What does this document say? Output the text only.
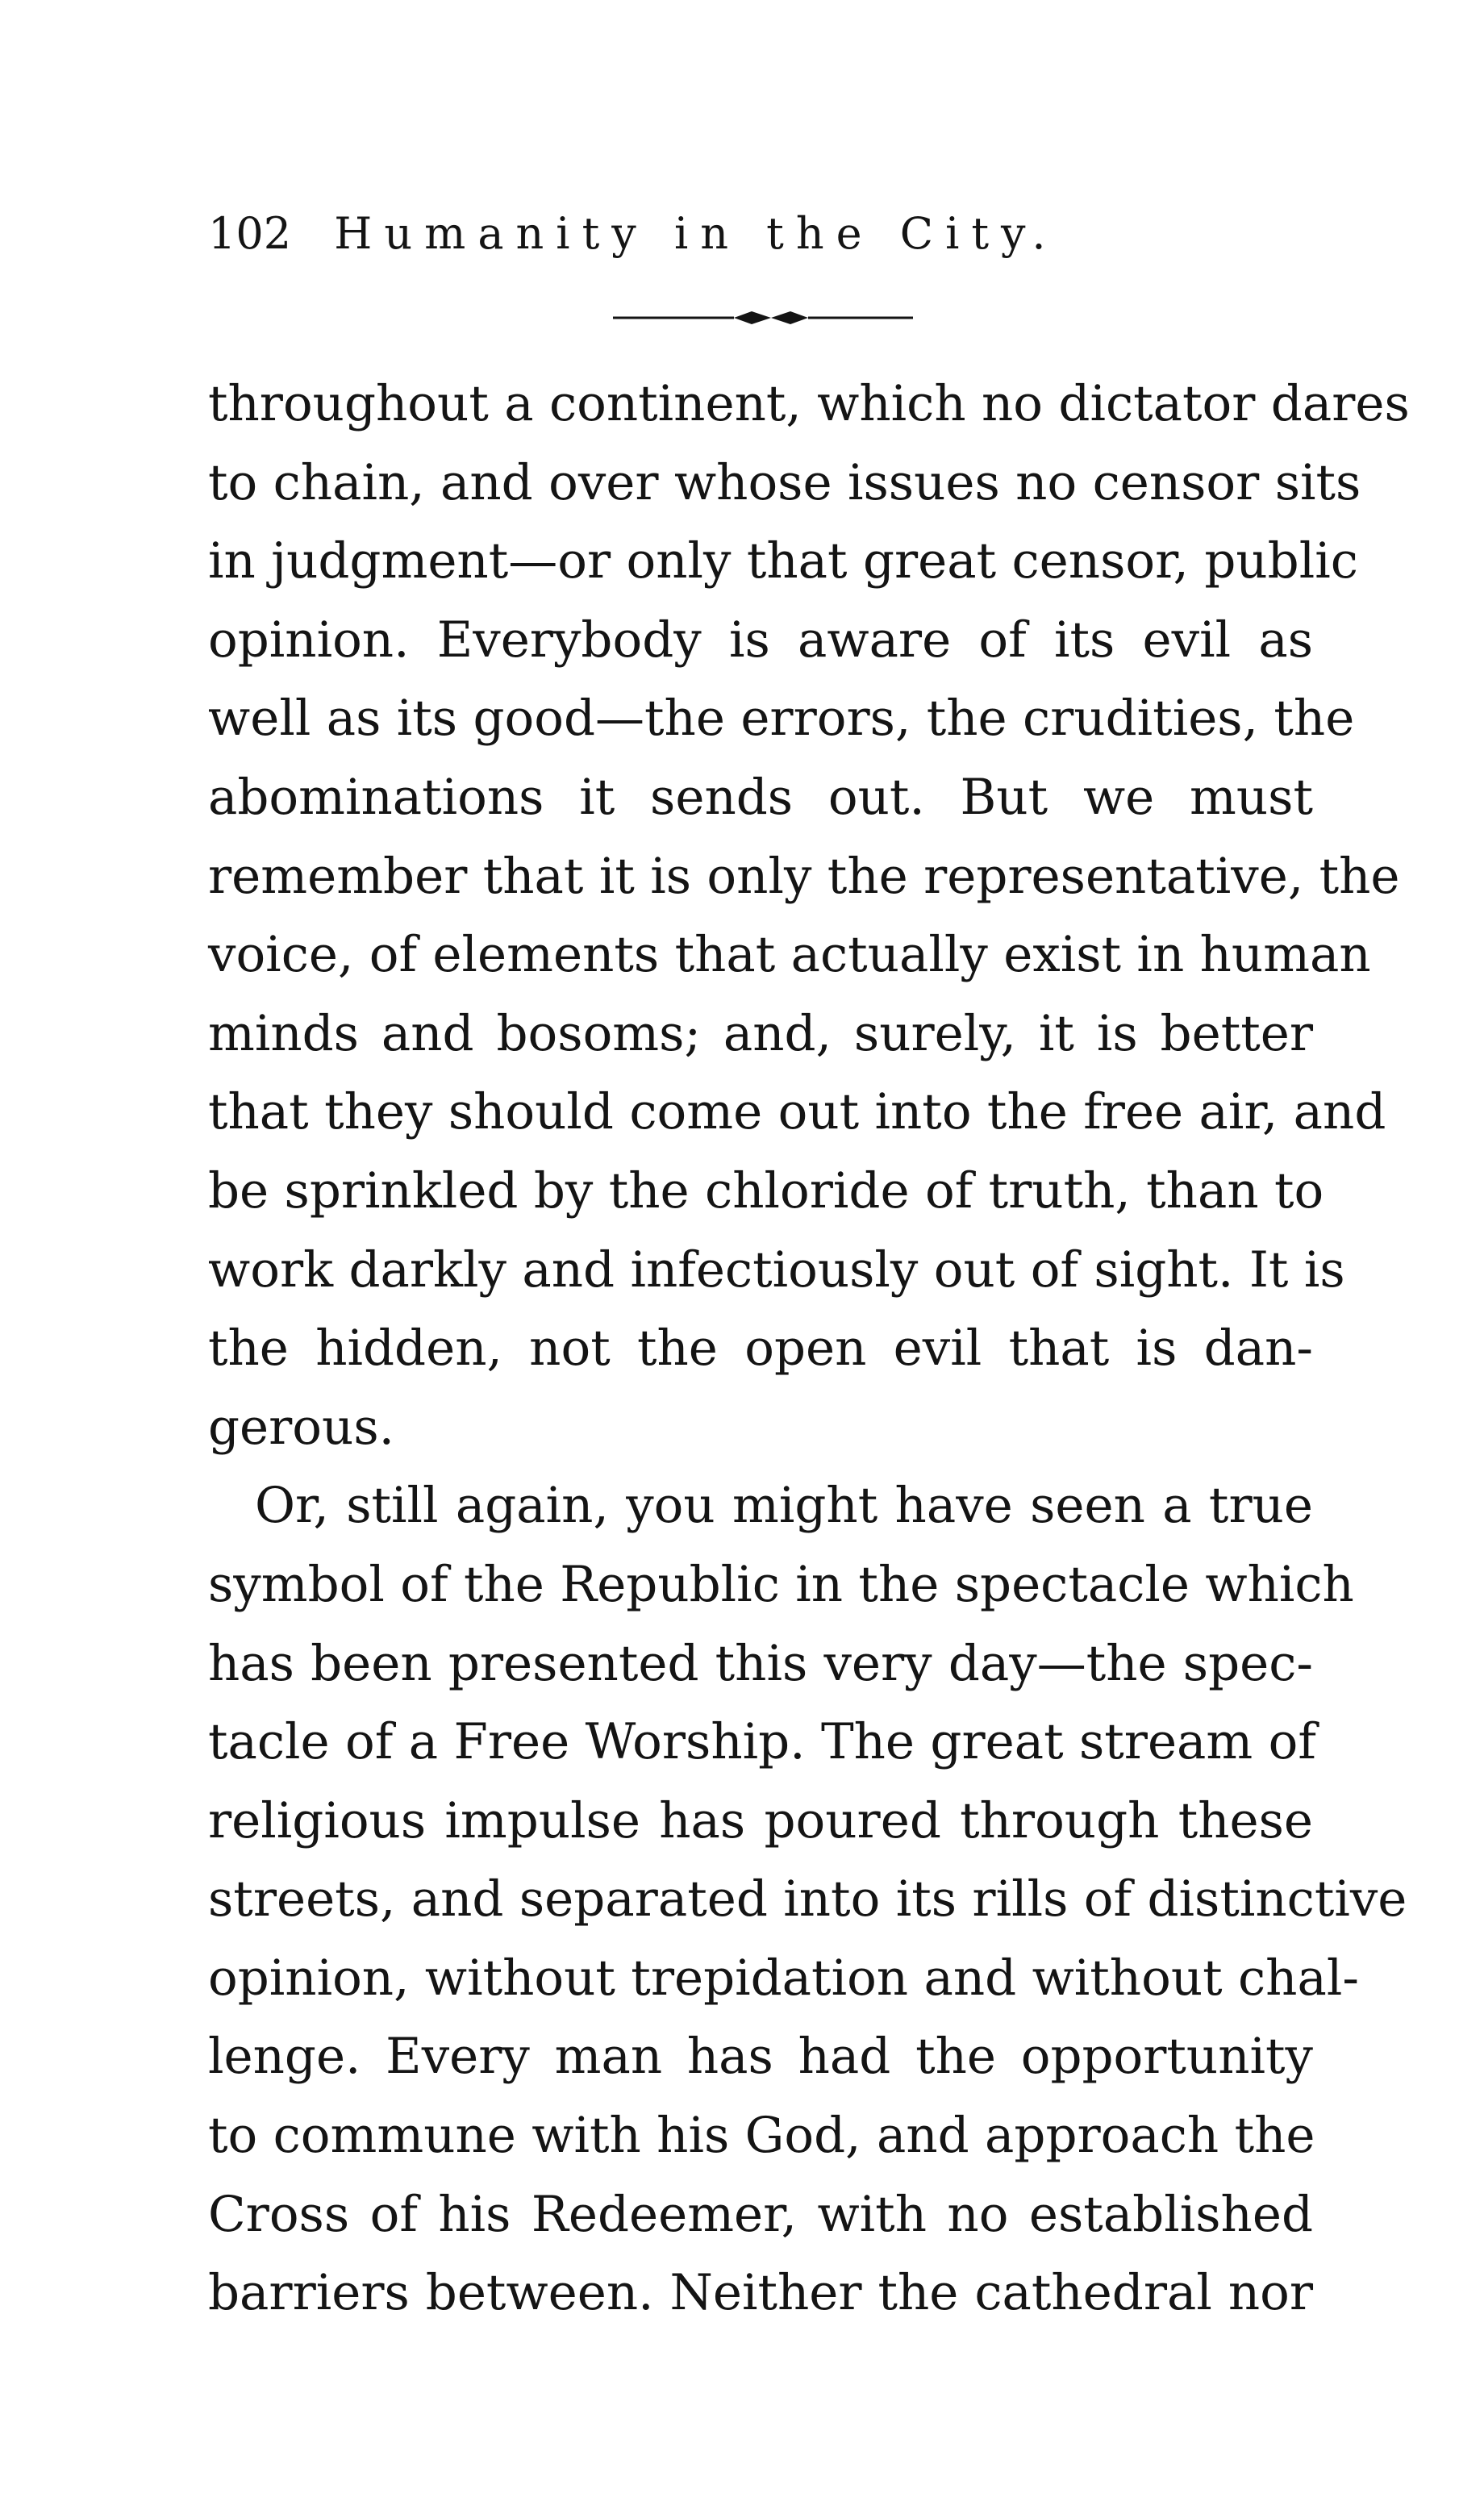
102 Humanity in the City.
throughout a continent, which no dictator dares
to chain, and over whose issues no censor sits
in judgment—or only that great censor, public
opinion. Everybody is aware of its evil as
well as its good—the errors, the crudities, the
abominations it sends out. But we must
remember that it is only the representative, the
voice, of elements that actually exist in human
minds and bosoms; and, surely, it is better
that they should come out into the free air, and
be sprinkled by the chloride of truth, than to
work darkly and infectiously out of sight. It is
the hidden, not the open evil that is dan-
gerous.
Or, still again, you might have seen a true
symbol of the Republic in the spectacle which
has been presented this very day—the spec-
tacle of a Free Worship. The great stream of
religious impulse has poured through these
streets, and separated into its rills of distinctive
opinion, without trepidation and without chal-
lenge. Every man has had the opportunity
to commune with his God, and approach the
Cross of his Redeemer, with no established
barriers between. Neither the cathedral nor
